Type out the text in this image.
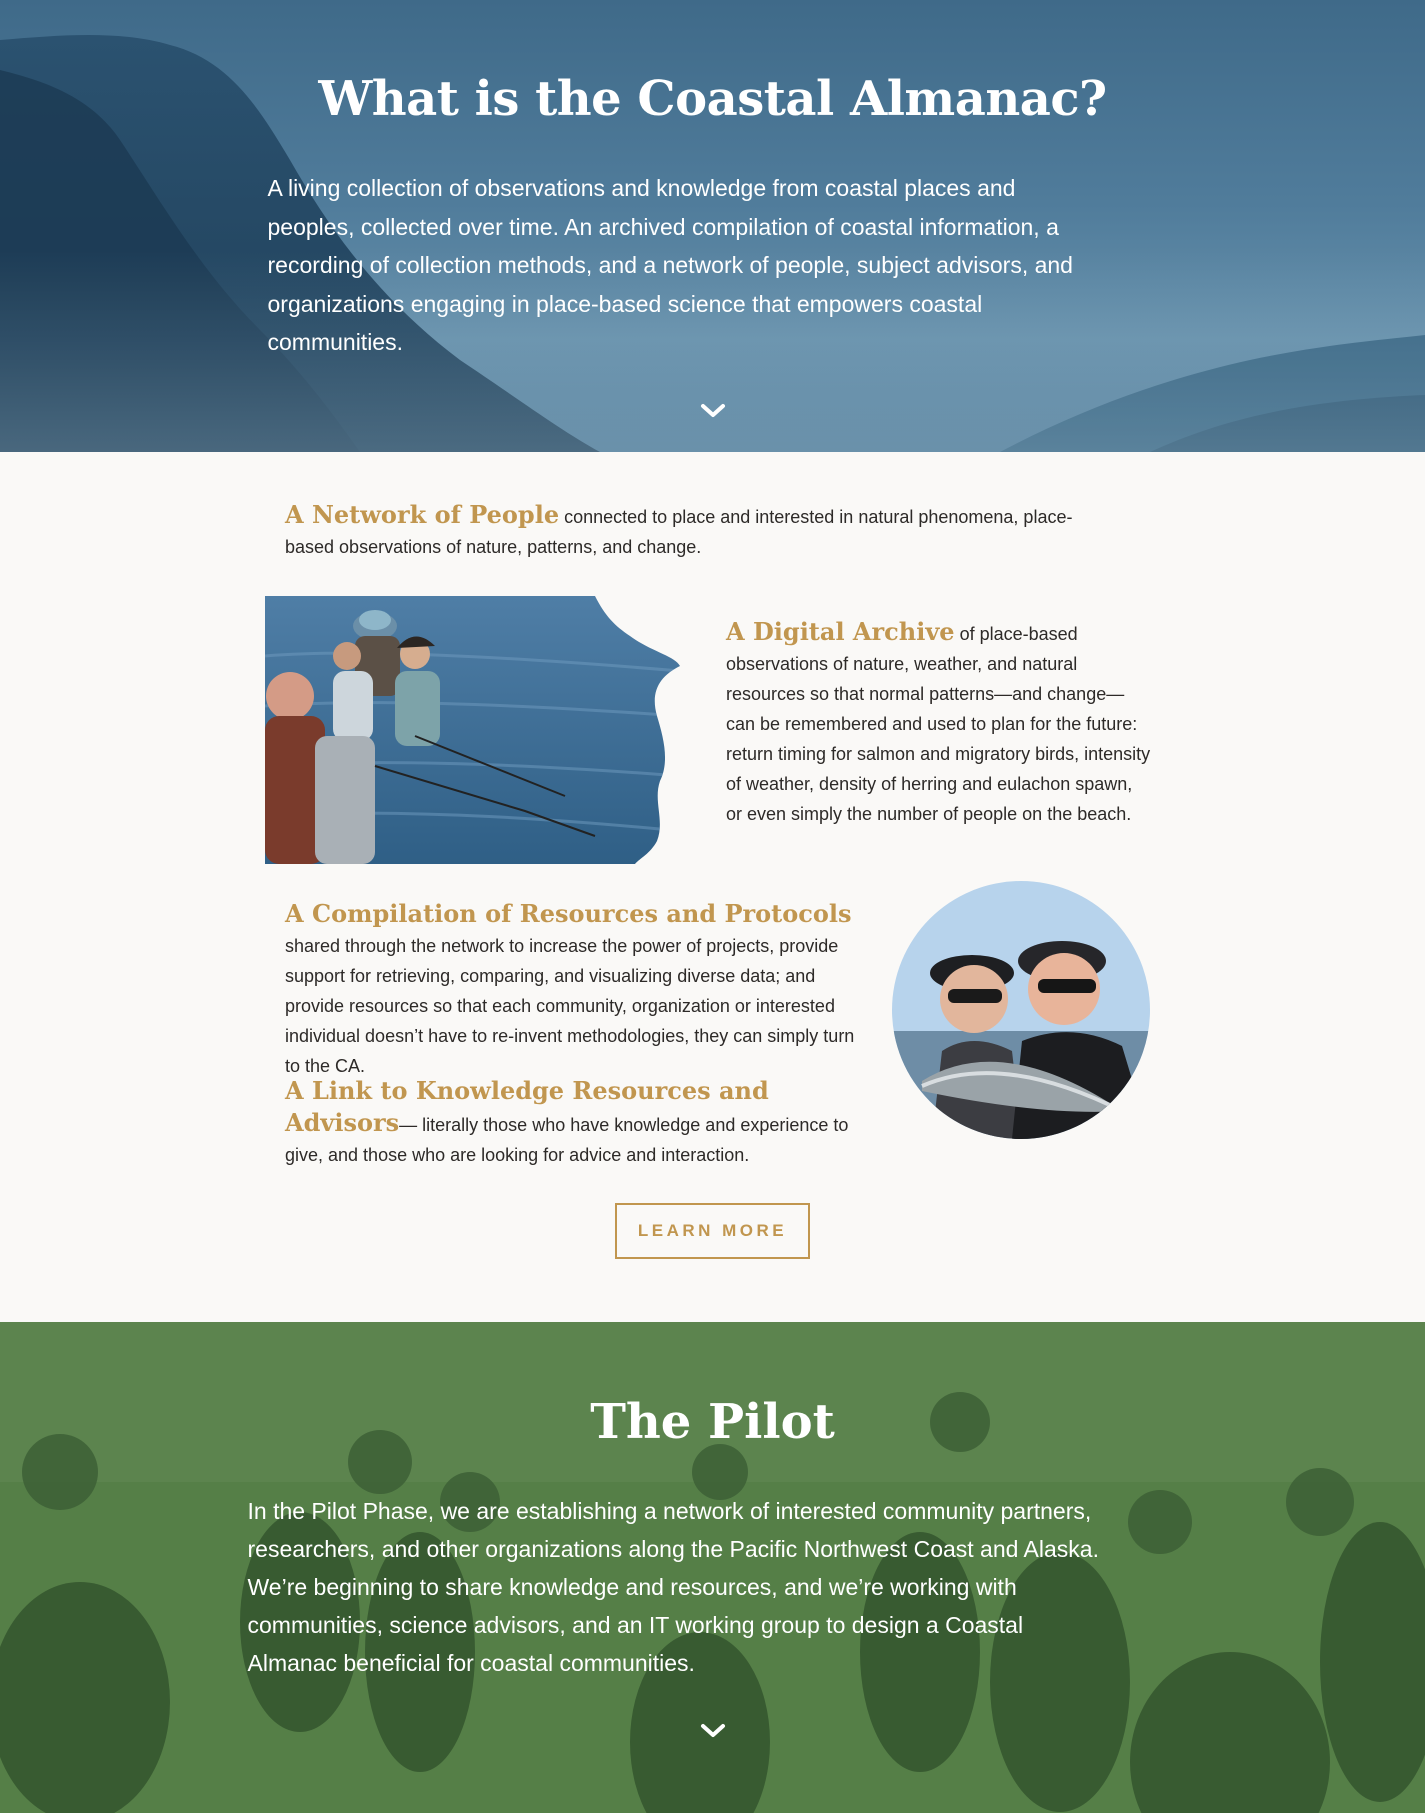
What is the Coastal Almanac?

A living collection of observations and knowledge from coastal places and peoples, collected over time. An archived compilation of coastal information, a recording of collection methods, and a network of people, subject advisors, and organizations engaging in place-based science that empowers coastal communities.

A Network of People connected to place and interested in natural phenomena, place-based observations of nature, patterns, and change.
A Digital Archive of place-based observations of nature, weather, and natural resources so that normal patterns—and change—can be remembered and used to plan for the future: return timing for salmon and migratory birds, intensity of weather, density of herring and eulachon spawn, or even simply the number of people on the beach.
A Compilation of Resources and Protocols shared through the network to increase the power of projects, provide support for retrieving, comparing, and visualizing diverse data; and provide resources so that each community, organization or interested individual doesn’t have to re-invent methodologies, they can simply turn to the CA.
A Link to Knowledge Resources and Advisors— literally those who have knowledge and experience to give, and those who are looking for advice and interaction.
LEARN MORE
The Pilot

In the Pilot Phase, we are establishing a network of interested community partners, researchers, and other organizations along the Pacific Northwest Coast and Alaska. We’re beginning to share knowledge and resources, and we’re working with communities, science advisors, and an IT working group to design a Coastal Almanac beneficial for coastal communities.
